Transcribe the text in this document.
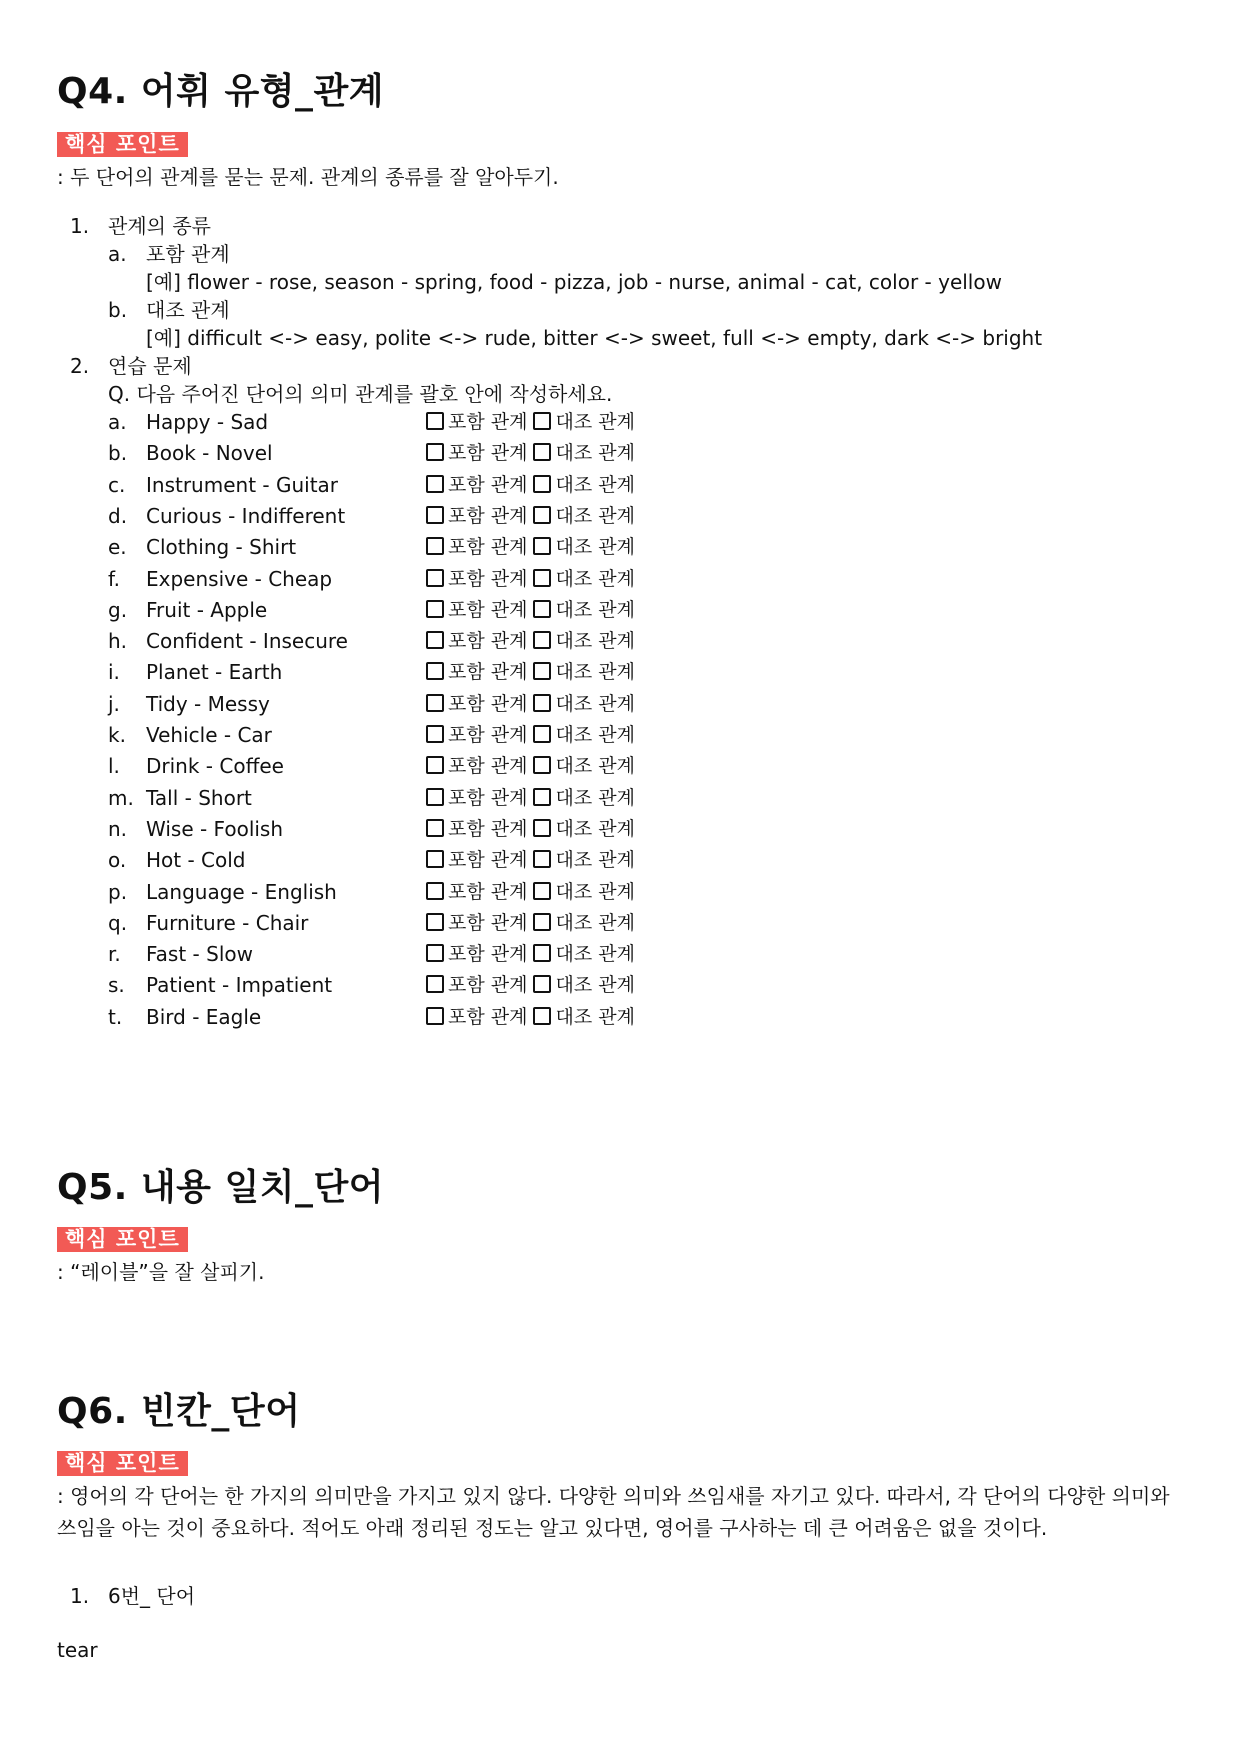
Q4. 어휘 유형_관계
핵심 포인트

: 두 단어의 관계를 묻는 문제. 관계의 종류를 잘 알아두기.

1. 관계의 종류
a. 포함 관계
[예] flower - rose, season - spring, food - pizza, job - nurse, animal - cat, color - yellow
b. 대조 관계
[예] difficult <-> easy, polite <-> rude, bitter <-> sweet, full <-> empty, dark <-> bright
2. 연습 문제
Q. 다음 주어진 단어의 의미 관계를 괄호 안에 작성하세요.
a. Happy - Sad	포함 관계 대조 관계
b. Book - Novel	포함 관계 대조 관계
c.	Instrument - Guitar	포함 관계 대조 관계
d. Curious - Indifferent	포함 관계 대조 관계
e. Clothing - Shirt	포함 관계 대조 관계
f.	Expensive - Cheap	포함 관계 대조 관계
g. Fruit - Apple	포함 관계 대조 관계
h. Confident - Insecure	포함 관계 대조 관계
i.	Planet - Earth	포함 관계 대조 관계
j.	Tidy - Messy	포함 관계 대조 관계
k.	Vehicle - Car	포함 관계 대조 관계
l.	Drink - Coffee	포함 관계 대조 관계
m. Tall - Short	포함 관계 대조 관계
n. Wise - Foolish	포함 관계 대조 관계
o. Hot - Cold	포함 관계 대조 관계
p. Language - English	포함 관계 대조 관계
q. Furniture - Chair	포함 관계 대조 관계
r.	Fast - Slow	포함 관계 대조 관계
s.	Patient - Impatient	포함 관계 대조 관계
t.	Bird - Eagle	포함 관계 대조 관계
Q5. 내용 일치_단어
핵심 포인트

: “레이블”을 잘 살피기.

Q6. 빈칸_단어
핵심 포인트

: 영어의 각 단어는 한 가지의 의미만을 가지고 있지 않다. 다양한 의미와 쓰임새를 자기고 있다. 따라서, 각 단어의 다양한 의미와 쓰임을 아는 것이 중요하다. 적어도 아래 정리된 정도는 알고 있다면, 영어를 구사하는 데 큰 어려움은 없을 것이다.

1. 6번_ 단어
tear
